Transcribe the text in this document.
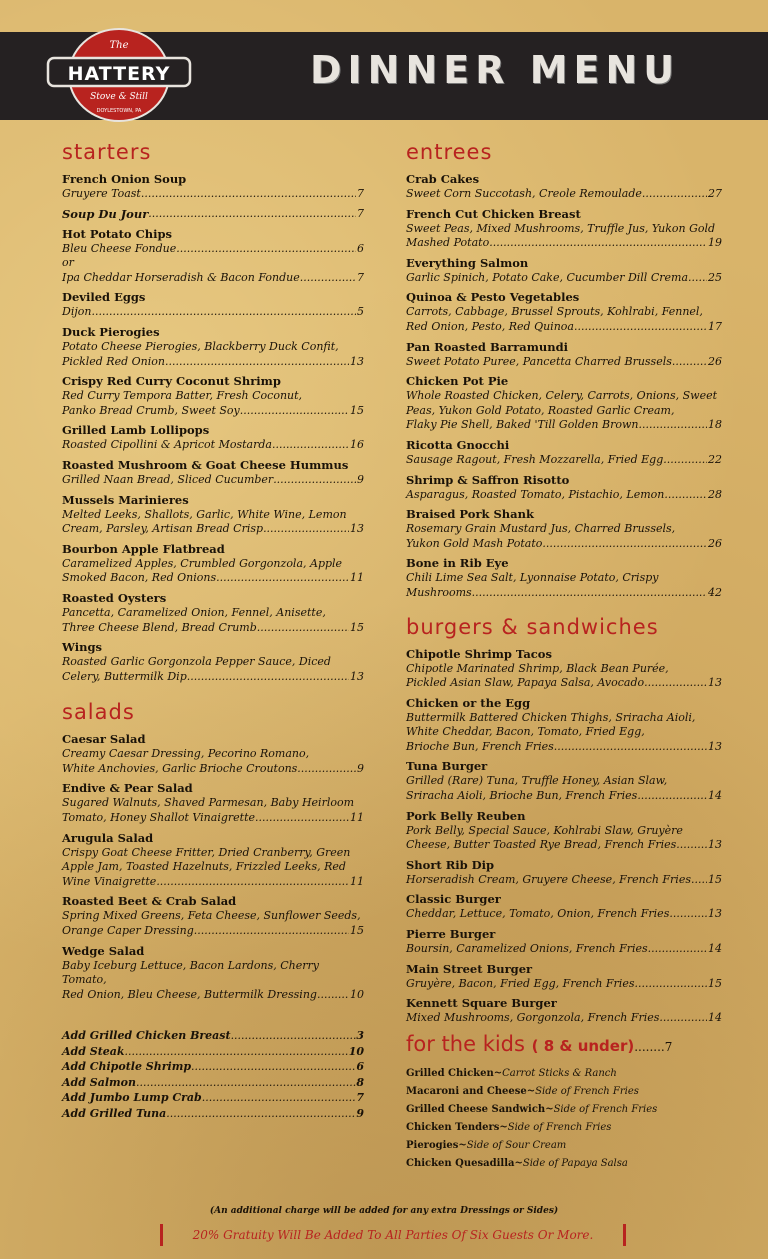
The
HATTERY
Stove & Still
DOYLESTOWN, PA
DINNER MENU
starters
French Onion Soup
Gruyere Toast .....	7
Soup Du Jour .....	7
Hot Potato Chips
Bleu Cheese Fondue .....	6
or
Ipa Cheddar Horseradish & Bacon Fondue .....	7
Deviled Eggs
Dijon .....	5
Duck Pierogies
Potato Cheese Pierogies, Blackberry Duck Confit,
Pickled Red Onion .....	13
Crispy Red Curry Coconut Shrimp
Red Curry Tempora Batter, Fresh Coconut,
Panko Bread Crumb, Sweet Soy .....	15
Grilled Lamb Lollipops
Roasted Cipollini & Apricot Mostarda .....	16
Roasted Mushroom & Goat Cheese Hummus
Grilled Naan Bread, Sliced Cucumber .....	9
Mussels Marinieres
Melted Leeks, Shallots, Garlic, White Wine, Lemon
Cream, Parsley, Artisan Bread Crisp .....	13
Bourbon Apple Flatbread
Caramelized Apples, Crumbled Gorgonzola, Apple
Smoked Bacon, Red Onions .....	11
Roasted Oysters
Pancetta, Caramelized Onion, Fennel, Anisette,
Three Cheese Blend, Bread Crumb .....	15
Wings
Roasted Garlic Gorgonzola Pepper Sauce, Diced
Celery, Buttermilk Dip .....	13
salads
Caesar Salad
Creamy Caesar Dressing, Pecorino Romano,
White Anchovies, Garlic Brioche Croutons .....	9
Endive & Pear Salad
Sugared Walnuts, Shaved Parmesan, Baby Heirloom
Tomato, Honey Shallot Vinaigrette .....	11
Arugula Salad
Crispy Goat Cheese Fritter, Dried Cranberry, Green
Apple Jam, Toasted Hazelnuts, Frizzled Leeks, Red
Wine Vinaigrette .....	11
Roasted Beet & Crab Salad
Spring Mixed Greens, Feta Cheese, Sunflower Seeds,
Orange Caper Dressing .....	15
Wedge Salad
Baby Iceburg Lettuce, Bacon Lardons, Cherry Tomato,
Red Onion, Bleu Cheese, Buttermilk Dressing .....	10
Add Grilled Chicken Breast .....	3
Add Steak .....	10
Add Chipotle Shrimp .....	6
Add Salmon .....	8
Add Jumbo Lump Crab .....	7
Add Grilled Tuna .....	9
entrees
Crab Cakes
Sweet Corn Succotash, Creole Remoulade .....	27
French Cut Chicken Breast
Sweet Peas, Mixed Mushrooms, Truffle Jus, Yukon Gold
Mashed Potato .....	19
Everything Salmon
Garlic Spinich, Potato Cake, Cucumber Dill Crema ..... 25
Quinoa & Pesto Vegetables
Carrots, Cabbage, Brussel Sprouts, Kohlrabi, Fennel,
Red Onion, Pesto, Red Quinoa .....	17
Pan Roasted Barramundi
Sweet Potato Puree, Pancetta Charred Brussels .....	26
Chicken Pot Pie
Whole Roasted Chicken, Celery, Carrots, Onions, Sweet
Peas, Yukon Gold Potato, Roasted Garlic Cream,
Flaky Pie Shell, Baked 'Till Golden Brown .....	18
Ricotta Gnocchi
Sausage Ragout, Fresh Mozzarella, Fried Egg .....	22
Shrimp & Saffron Risotto
Asparagus, Roasted Tomato, Pistachio, Lemon .....	28
Braised Pork Shank
Rosemary Grain Mustard Jus, Charred Brussels,
Yukon Gold Mash Potato .....	26
Bone in Rib Eye
Chili Lime Sea Salt, Lyonnaise Potato, Crispy
Mushrooms .....	42
burgers & sandwiches
Chipotle Shrimp Tacos
Chipotle Marinated Shrimp, Black Bean Purée,
Pickled Asian Slaw, Papaya Salsa, Avocado .....	13
Chicken or the Egg
Buttermilk Battered Chicken Thighs, Sriracha Aioli,
White Cheddar, Bacon, Tomato, Fried Egg,
Brioche Bun, French Fries .....	13
Tuna Burger
Grilled (Rare) Tuna, Truffle Honey, Asian Slaw,
Sriracha Aioli, Brioche Bun, French Fries .....	14
Pork Belly Reuben
Pork Belly, Special Sauce, Kohlrabi Slaw, Gruyère
Cheese, Butter Toasted Rye Bread, French Fries .....	13
Short Rib Dip
Horseradish Cream, Gruyere Cheese, French Fries ..... 15
Classic Burger
Cheddar, Lettuce, Tomato, Onion, French Fries .....	13
Pierre Burger
Boursin, Caramelized Onions, French Fries .....	14
Main Street Burger
Gruyère, Bacon, Fried Egg, French Fries .....	15
Kennett Square Burger
Mixed Mushrooms, Gorgonzola, French Fries .....	14
for the kids ( 8 & under)........7
Grilled Chicken~Carrot Sticks & Ranch
Macaroni and Cheese~Side of French Fries
Grilled Cheese Sandwich~Side of French Fries
Chicken Tenders~Side of French Fries
Pierogies~Side of Sour Cream
Chicken Quesadilla~Side of Papaya Salsa
(An additional charge will be added for any extra Dressings or Sides)
20% Gratuity Will Be Added To All Parties Of Six Guests Or More.
